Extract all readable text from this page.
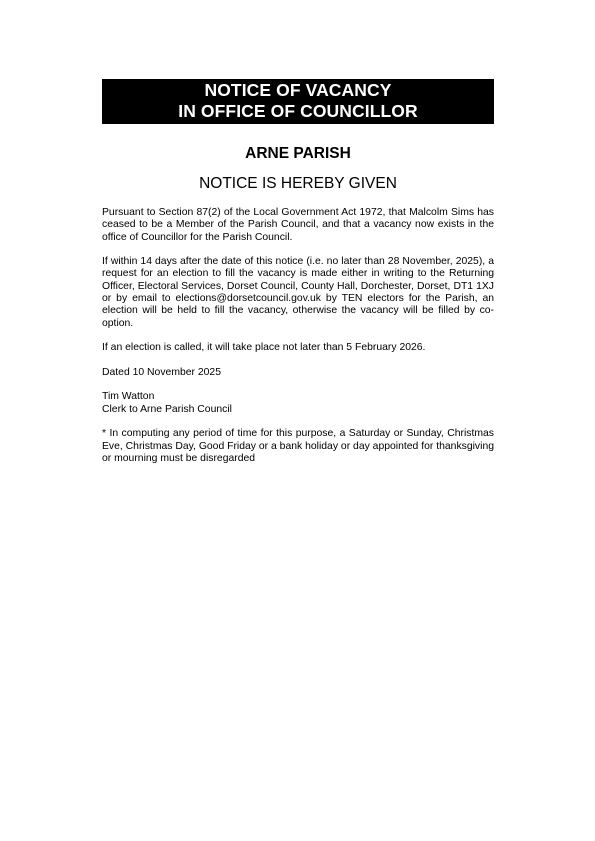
NOTICE OF VACANCY
IN OFFICE OF COUNCILLOR
ARNE PARISH
NOTICE IS HEREBY GIVEN

Pursuant to Section 87(2) of the Local Government Act 1972, that Malcolm Sims has ceased to be a Member of the Parish Council, and that a vacancy now exists in the office of Councillor for the Parish Council.

If within 14 days after the date of this notice (i.e. no later than 28 November, 2025), a request for an election to fill the vacancy is made either in writing to the Returning Officer, Electoral Services, Dorset Council, County Hall, Dorchester, Dorset, DT1 1XJ or by email to elections@dorsetcouncil.gov.uk by TEN electors for the Parish, an election will be held to fill the vacancy, otherwise the vacancy will be filled by co-option.

If an election is called, it will take place not later than 5 February 2026.

Dated 10 November 2025

Tim Watton
Clerk to Arne Parish Council

* In computing any period of time for this purpose, a Saturday or Sunday, Christmas Eve, Christmas Day, Good Friday or a bank holiday or day appointed for thanksgiving or mourning must be disregarded
